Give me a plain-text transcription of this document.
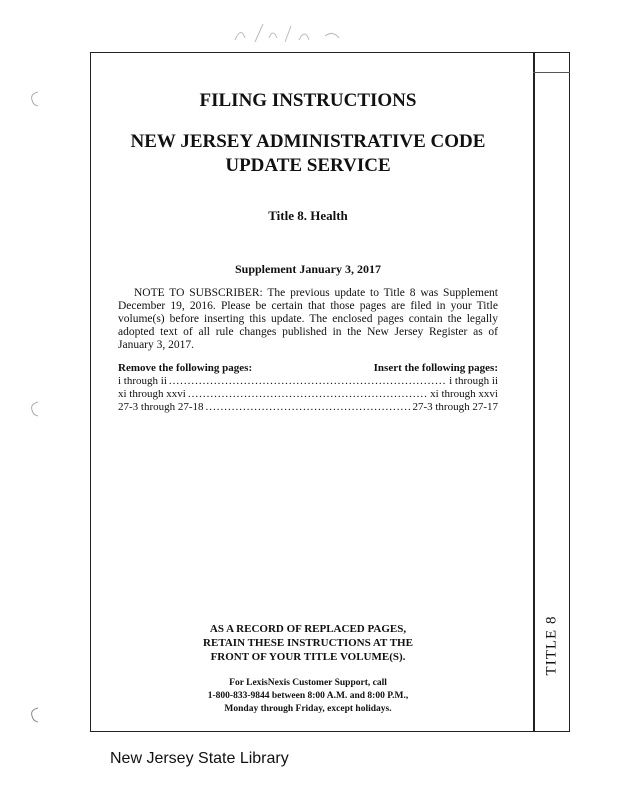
TITLE 8
FILING INSTRUCTIONS
NEW JERSEY ADMINISTRATIVE CODE
UPDATE SERVICE

Title 8. Health

Supplement January 3, 2017

NOTE TO SUBSCRIBER: The previous update to Title 8 was Supplement December 19, 2016. Please be certain that those pages are filed in your Title volume(s) before inserting this update. The enclosed pages contain the legally adopted text of all rule changes published in the New Jersey Register as of January 3, 2017.

Remove the following pages:	Insert the following pages:
i through ii .....	i through ii
xi through xxvi .....	xi through xxvi
27-3 through 27-18 .....	27-3 through 27-17
AS A RECORD OF REPLACED PAGES,
RETAIN THESE INSTRUCTIONS AT THE
FRONT OF YOUR TITLE VOLUME(S).
For LexisNexis Customer Support, call
1-800-833-9844 between 8:00 A.M. and 8:00 P.M.,
Monday through Friday, except holidays.
New Jersey State Library
